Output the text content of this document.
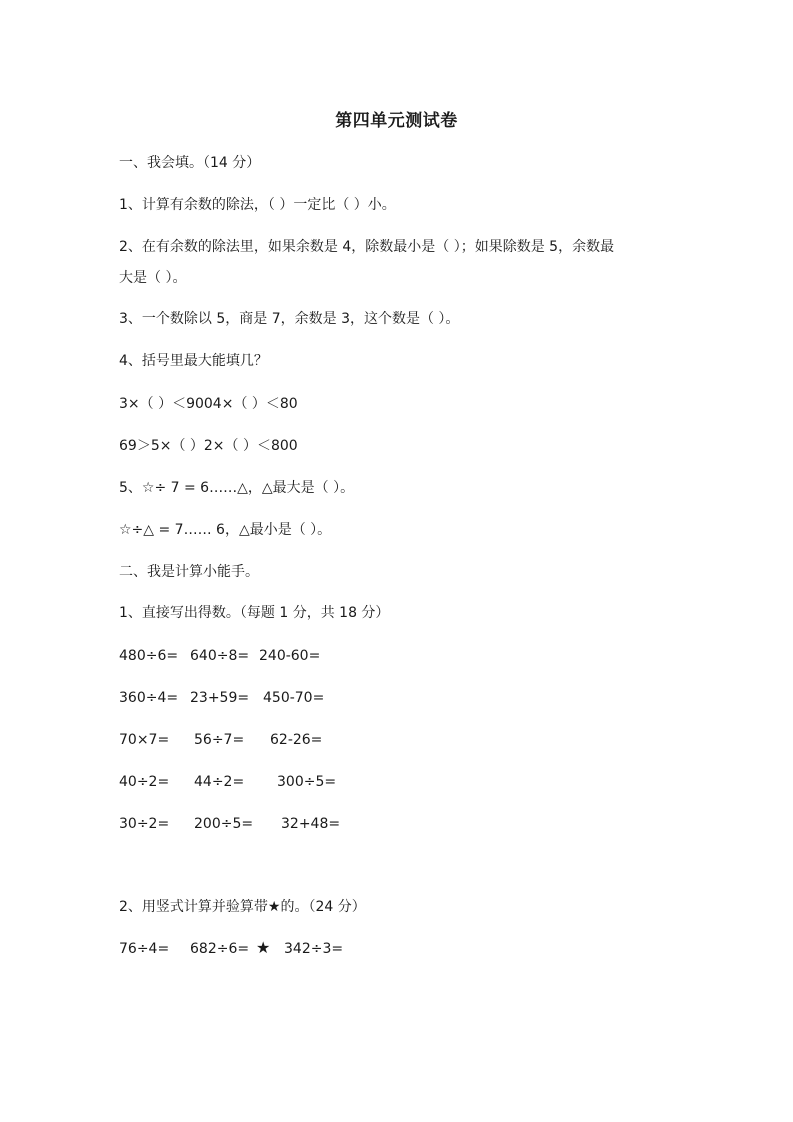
第四单元测试卷
一、我会填。（14 分）
1、计算有余数的除法，（ ）一定比（ ）小。
2、在有余数的除法里，如果余数是 4，除数最小是（ ）；如果除数是 5，余数最
大是（ ）。
3、一个数除以 5，商是 7，余数是 3，这个数是（ ）。
4、括号里最大能填几？
3×（ ）＜9004×（ ）＜80
69＞5×（ ）2×（ ）＜800
5、☆÷ 7 = 6……△，△最大是（ ）。
☆÷△ = 7…… 6，△最小是（ ）。
二、我是计算小能手。
1、直接写出得数。（每题 1 分，共 18 分）
480÷6= 640÷8= 240-60=
360÷4= 23+59= 450-70=
70×7= 56÷7= 62-26=
40÷2= 44÷2= 300÷5=
30÷2= 200÷5= 32+48=
2、用竖式计算并验算带★的。（24 分）
76÷4= 682÷6= ★ 342÷3=
